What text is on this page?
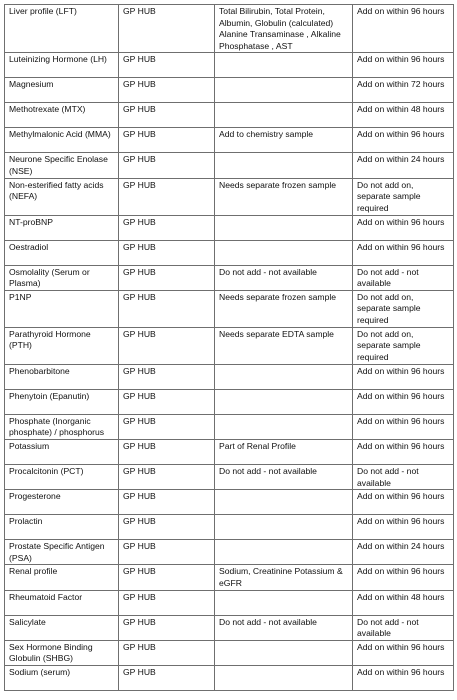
Liver profile (LFT)	GP HUB	Total Bilirubin, Total Protein, Albumin, Globulin (calculated) Alanine Transaminase , Alkaline Phosphatase , AST	Add on within 96 hours
Luteinizing Hormone (LH)	GP HUB		Add on within 96 hours
Magnesium	GP HUB		Add on within 72 hours
Methotrexate (MTX)	GP HUB		Add on within 48 hours
Methylmalonic Acid (MMA)	GP HUB	Add to chemistry sample	Add on within 96 hours
Neurone Specific Enolase (NSE)	GP HUB		Add on within 24 hours
Non-esterified fatty acids (NEFA)	GP HUB	Needs separate frozen sample	Do not add on, separate sample required
NT-proBNP	GP HUB		Add on within 96 hours
Oestradiol	GP HUB		Add on within 96 hours
Osmolality (Serum or Plasma)	GP HUB	Do not add - not available	Do not add - not available
P1NP	GP HUB	Needs separate frozen sample	Do not add on, separate sample required
Parathyroid Hormone (PTH)	GP HUB	Needs separate EDTA sample	Do not add on, separate sample required
Phenobarbitone	GP HUB		Add on within 96 hours
Phenytoin (Epanutin)	GP HUB		Add on within 96 hours
Phosphate (Inorganic phosphate) / phosphorus	GP HUB		Add on within 96 hours
Potassium	GP HUB	Part of Renal Profile	Add on within 96 hours
Procalcitonin (PCT)	GP HUB	Do not add - not available	Do not add - not available
Progesterone	GP HUB		Add on within 96 hours
Prolactin	GP HUB		Add on within 96 hours
Prostate Specific Antigen (PSA)	GP HUB		Add on within 24 hours
Renal profile	GP HUB	Sodium, Creatinine Potassium & eGFR	Add on within 96 hours
Rheumatoid Factor	GP HUB		Add on within 48 hours
Salicylate	GP HUB	Do not add - not available	Do not add - not available
Sex Hormone Binding Globulin (SHBG)	GP HUB		Add on within 96 hours
Sodium (serum)	GP HUB		Add on within 96 hours
